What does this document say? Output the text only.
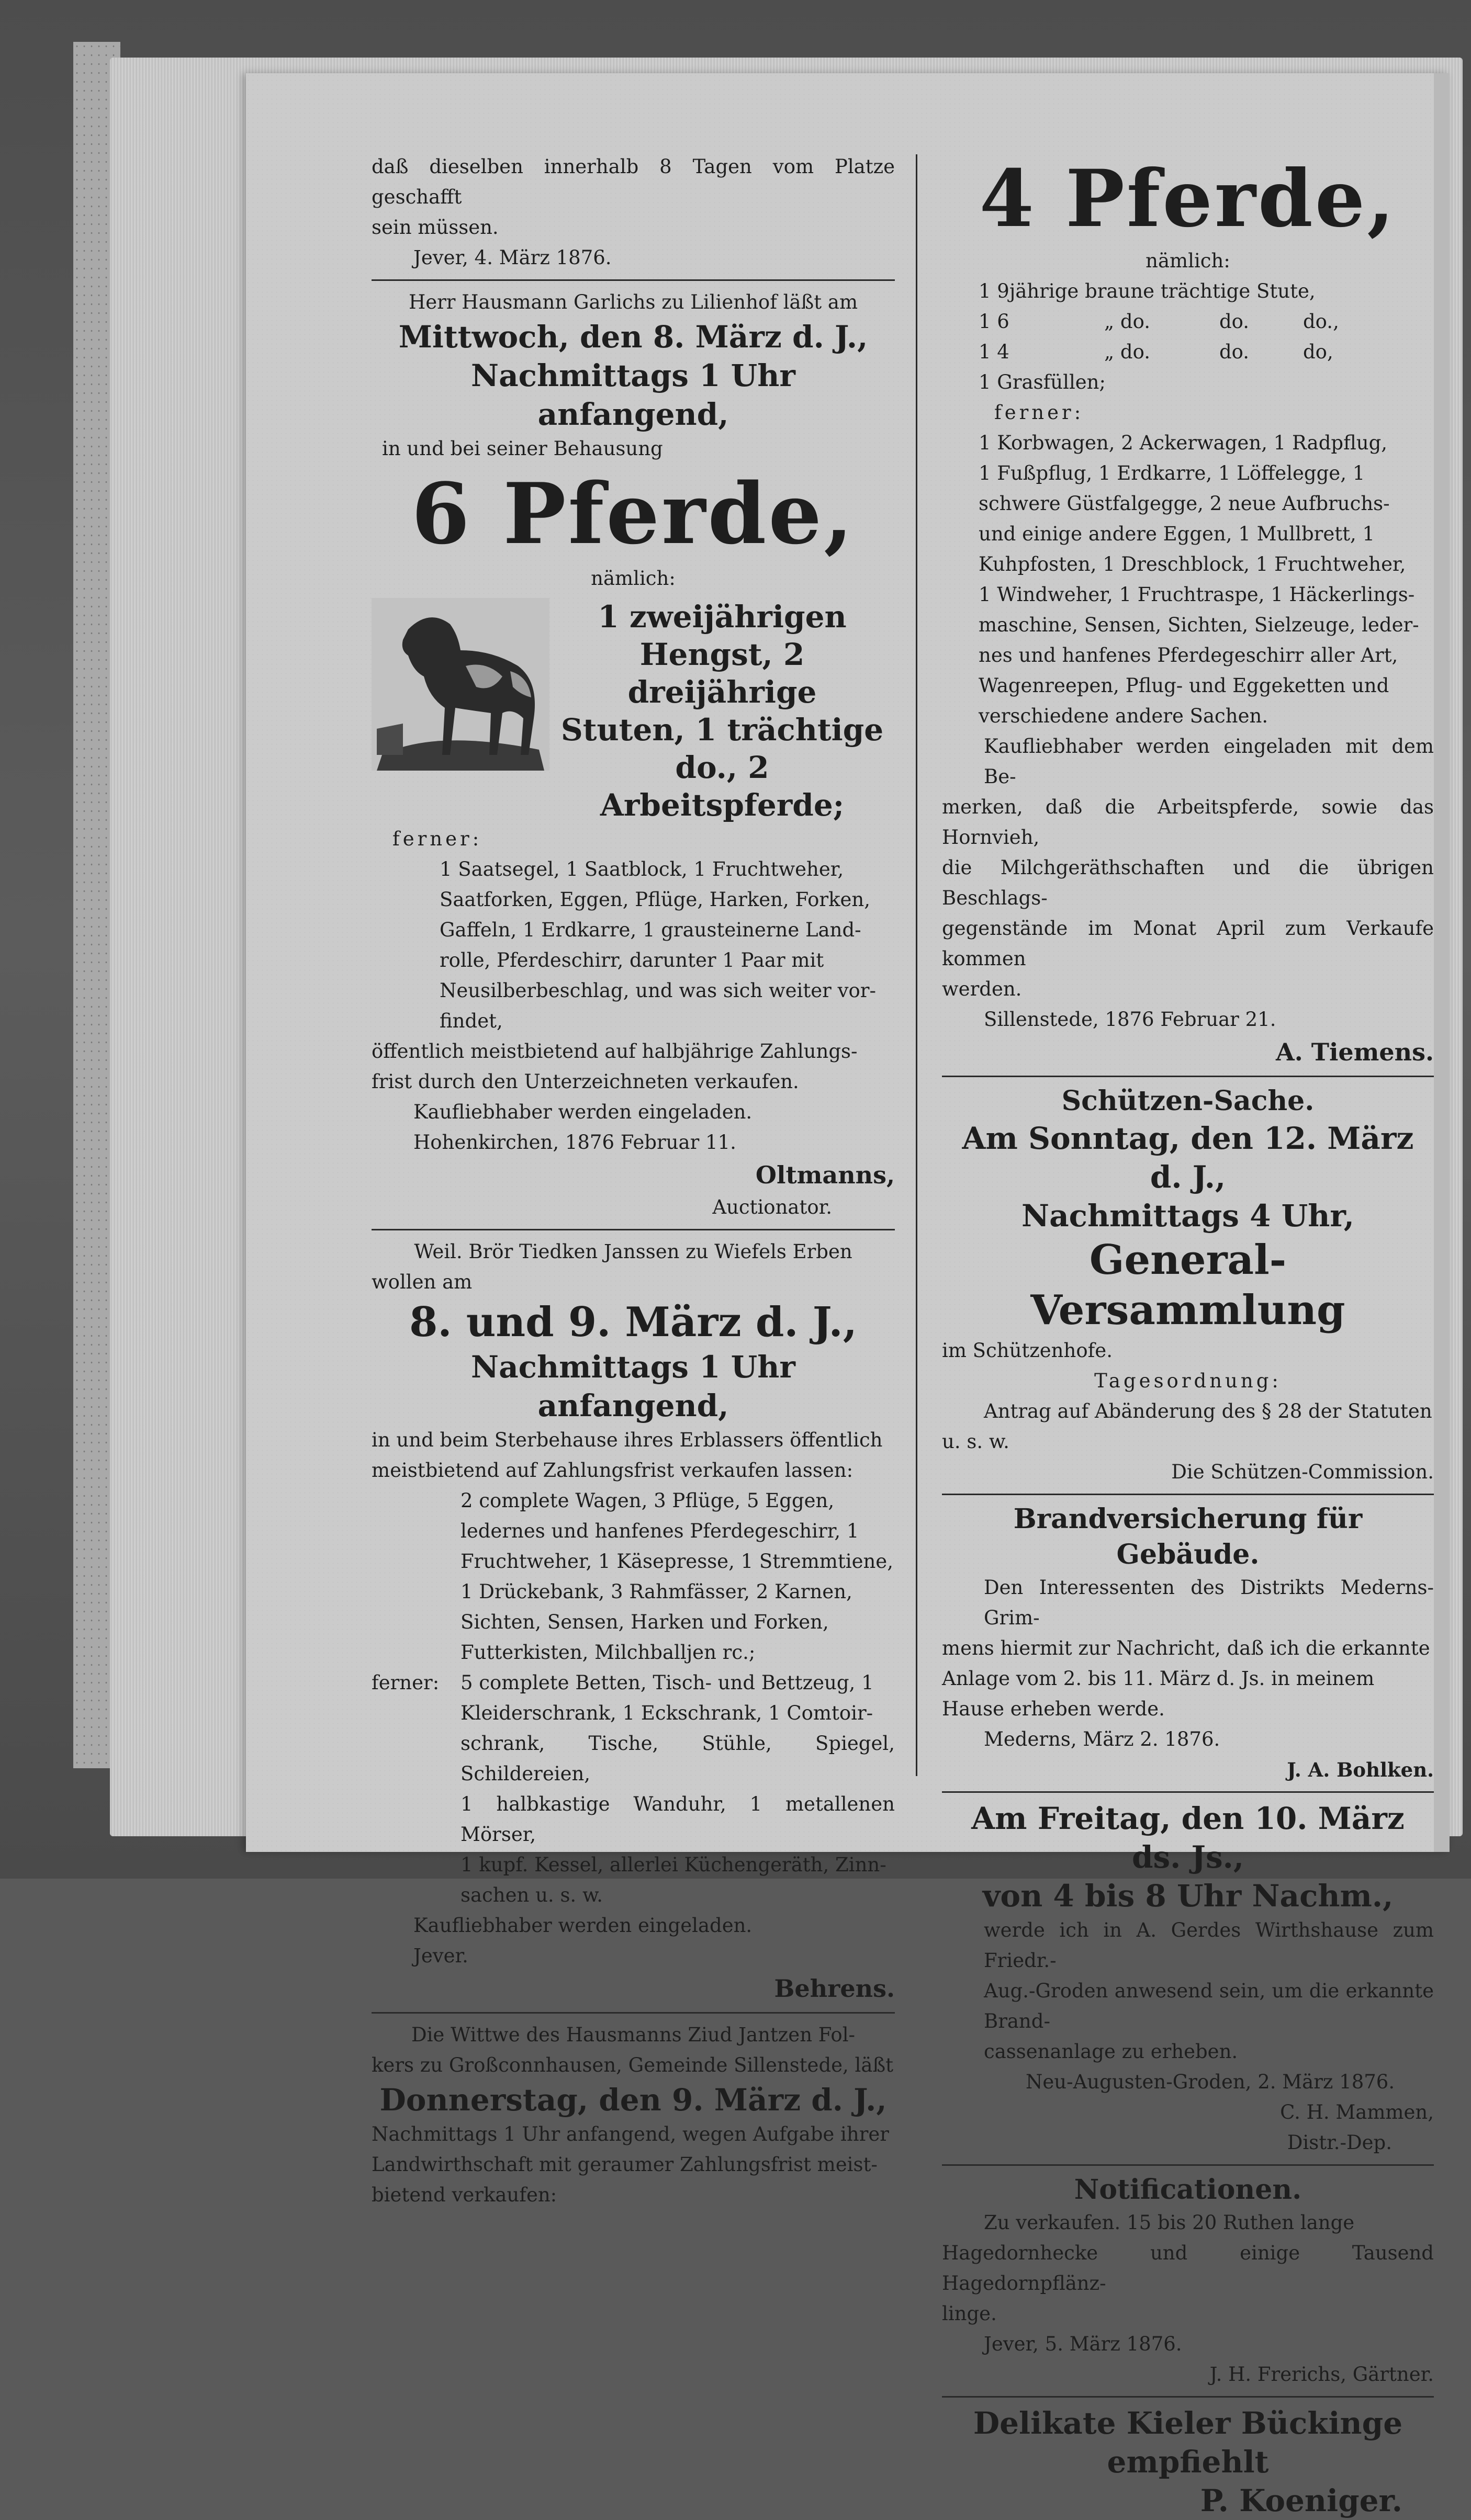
daß dieselben innerhalb 8 Tagen vom Platze geschafft
sein müssen.
Jever, 4. März 1876.
Herr Hausmann Garlichs zu Lilienhof läßt am
Mittwoch, den 8. März d. J.,
Nachmittags 1 Uhr anfangend,
in und bei seiner Behausung
6 Pferde,
nämlich:
1 zweijährigen
Hengst, 2 dreijährige
Stuten, 1 trächtige
do., 2 Arbeitspferde;
ferner:
1 Saatsegel, 1 Saatblock, 1 Fruchtweher,
Saatforken, Eggen, Pflüge, Harken, Forken,
Gaffeln, 1 Erdkarre, 1 grausteinerne Land-
rolle, Pferdeschirr, darunter 1 Paar mit
Neusilberbeschlag, und was sich weiter vor-
findet,
öffentlich meistbietend auf halbjährige Zahlungs-
frist durch den Unterzeichneten verkaufen.
Kaufliebhaber werden eingeladen.
Hohenkirchen, 1876 Februar 11.
Oltmanns,
Auctionator.
Weil. Brör Tiedken Janssen zu Wiefels Erben
wollen am
8. und 9. März d. J.,
Nachmittags 1 Uhr anfangend,
in und beim Sterbehause ihres Erblassers öffentlich
meistbietend auf Zahlungsfrist verkaufen lassen:
2 complete Wagen, 3 Pflüge, 5 Eggen,
ledernes und hanfenes Pferdegeschirr, 1
Fruchtweher, 1 Käsepresse, 1 Stremmtiene,
1 Drückebank, 3 Rahmfässer, 2 Karnen,
Sichten, Sensen, Harken und Forken,
Futterkisten, Milchballjen rc.;
ferner:	5 complete Betten, Tisch- und Bettzeug, 1
Kleiderschrank, 1 Eckschrank, 1 Comtoir-
schrank, Tische, Stühle, Spiegel, Schildereien,
1 halbkastige Wanduhr, 1 metallenen Mörser,
1 kupf. Kessel, allerlei Küchengeräth, Zinn-
sachen u. s. w.
Kaufliebhaber werden eingeladen.
Jever.
Behrens.
Die Wittwe des Hausmanns Ziud Jantzen Fol-
kers zu Großconnhausen, Gemeinde Sillenstede, läßt
Donnerstag, den 9. März d. J.,
Nachmittags 1 Uhr anfangend, wegen Aufgabe ihrer
Landwirthschaft mit geraumer Zahlungsfrist meist-
bietend verkaufen:
4 Pferde,
nämlich:
1 9jährige braune trächtige Stute,
1 6	„ do.	do.	do.,
1 4	„ do.	do.	do,
1 Grasfüllen;
ferner:
1 Korbwagen, 2 Ackerwagen, 1 Radpflug,
1 Fußpflug, 1 Erdkarre, 1 Löffelegge, 1
schwere Güstfalgegge, 2 neue Aufbruchs-
und einige andere Eggen, 1 Mullbrett, 1
Kuhpfosten, 1 Dreschblock, 1 Fruchtweher,
1 Windweher, 1 Fruchtraspe, 1 Häckerlings-
maschine, Sensen, Sichten, Sielzeuge, leder-
nes und hanfenes Pferdegeschirr aller Art,
Wagenreepen, Pflug- und Eggeketten und
verschiedene andere Sachen.
Kaufliebhaber werden eingeladen mit dem Be-
merken, daß die Arbeitspferde, sowie das Hornvieh,
die Milchgeräthschaften und die übrigen Beschlags-
gegenstände im Monat April zum Verkaufe kommen
werden.
Sillenstede, 1876 Februar 21.
A. Tiemens.
Schützen-Sache.
Am Sonntag, den 12. März d. J.,
Nachmittags 4 Uhr,
General-Versammlung
im Schützenhofe.
Tagesordnung:
Antrag auf Abänderung des § 28 der Statuten
u. s. w.
Die Schützen-Commission.
Brandversicherung für Gebäude.
Den Interessenten des Distrikts Mederns-Grim-
mens hiermit zur Nachricht, daß ich die erkannte
Anlage vom 2. bis 11. März d. Js. in meinem
Hause erheben werde.
Mederns, März 2. 1876.
J. A. Bohlken.
Am Freitag, den 10. März ds. Js.,
von 4 bis 8 Uhr Nachm.,
werde ich in A. Gerdes Wirthshause zum Friedr.-
Aug.-Groden anwesend sein, um die erkannte Brand-
cassenanlage zu erheben.
Neu-Augusten-Groden, 2. März 1876.
C. H. Mammen,
Distr.-Dep.
Notificationen.
Zu verkaufen. 15 bis 20 Ruthen lange
Hagedornhecke und einige Tausend Hagedornpflänz-
linge.
Jever, 5. März 1876.
J. H. Frerichs, Gärtner.
Delikate Kieler Bückinge empfiehlt
P. Koeniger.
